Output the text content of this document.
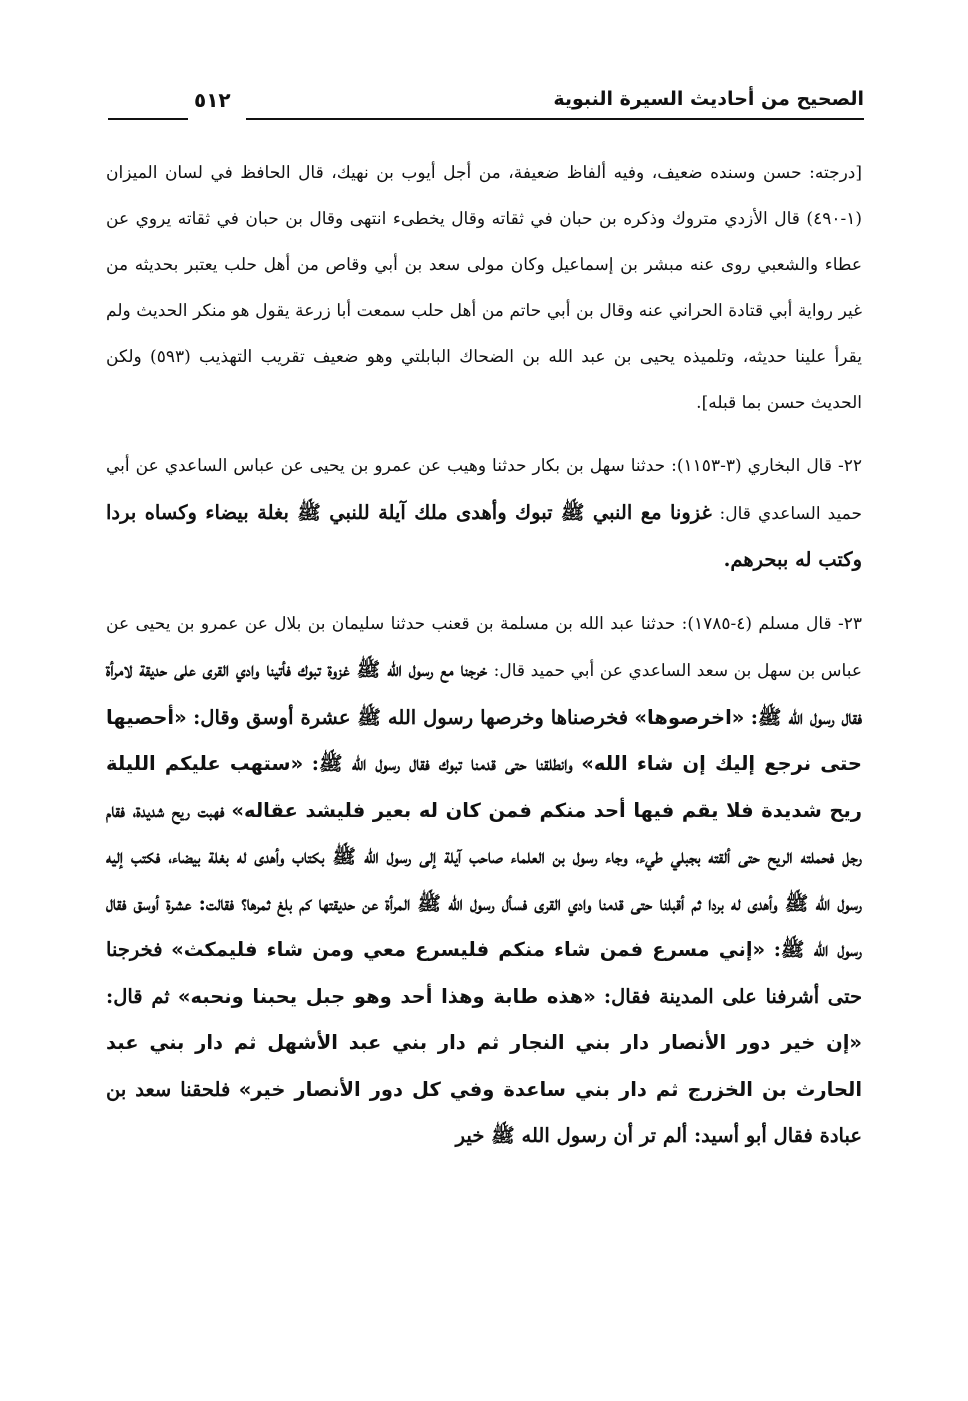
الصحيح من أحاديث السيرة النبوية
٥١٢

[درجته: حسن وسنده ضعيف، وفيه ألفاظ ضعيفة، من أجل أيوب بن نهيك، قال الحافظ في لسان الميزان (١-٤٩٠) قال الأزدي متروك وذكره بن حبان في ثقاته وقال يخطىء انتهى وقال بن حبان في ثقاته يروي عن عطاء والشعبي روى عنه مبشر بن إسماعيل وكان مولى سعد بن أبي وقاص من أهل حلب يعتبر بحديثه من غير رواية أبي قتادة الحراني عنه وقال بن أبي حاتم من أهل حلب سمعت أبا زرعة يقول هو منكر الحديث ولم يقرأ علينا حديثه، وتلميذه يحيى بن عبد الله بن الضحاك البابلتي وهو ضعيف تقريب التهذيب (٥٩٣) ولكن الحديث حسن بما قبله].

٢٢- قال البخاري (٣-١١٥٣): حدثنا سهل بن بكار حدثنا وهيب عن عمرو بن يحيى عن عباس الساعدي عن أبي حميد الساعدي قال: غزونا مع النبي ﷺ تبوك وأهدى ملك آيلة للنبي ﷺ بغلة بيضاء وكساه بردا وكتب له ببحرهم.

٢٣- قال مسلم (٤-١٧٨٥): حدثنا عبد الله بن مسلمة بن قعنب حدثنا سليمان بن بلال عن عمرو بن يحيى عن عباس بن سهل بن سعد الساعدي عن أبي حميد قال: خرجنا مع رسول الله ﷺ غزوة تبوك فأتينا وادي القرى على حديقة لامرأة فقال رسول الله ﷺ: «اخرصوها» فخرصناها وخرصها رسول الله ﷺ عشرة أوسق وقال: «أحصيها حتى نرجع إليك إن شاء الله» وانطلقنا حتى قدمنا تبوك فقال رسول الله ﷺ: «ستهب عليكم الليلة ريح شديدة فلا يقم فيها أحد منكم فمن كان له بعير فليشد عقاله» فهبت ريح شديدة، فقام رجل فحملته الريح حتى ألقته بجبلي طيء، وجاء رسول بن العلماء صاحب آيلة إلى رسول الله ﷺ بكتاب وأهدى له بغلة بيضاء، فكتب إليه رسول الله ﷺ وأهدى له بردا ثم أقبلنا حتى قدمنا وادي القرى فسأل رسول الله ﷺ المرأة عن حديقتها كم بلغ ثمرها؟ فقالت: عشرة أوسق فقال رسول الله ﷺ: «إني مسرع فمن شاء منكم فليسرع معي ومن شاء فليمكث» فخرجنا حتى أشرفنا على المدينة فقال: «هذه طابة وهذا أحد وهو جبل يحبنا ونحبه» ثم قال: «إن خير دور الأنصار دار بني النجار ثم دار بني عبد الأشهل ثم دار بني عبد الحارث بن الخزرج ثم دار بني ساعدة وفي كل دور الأنصار خير» فلحقنا سعد بن عبادة فقال أبو أسيد: ألم تر أن رسول الله ﷺ خير
